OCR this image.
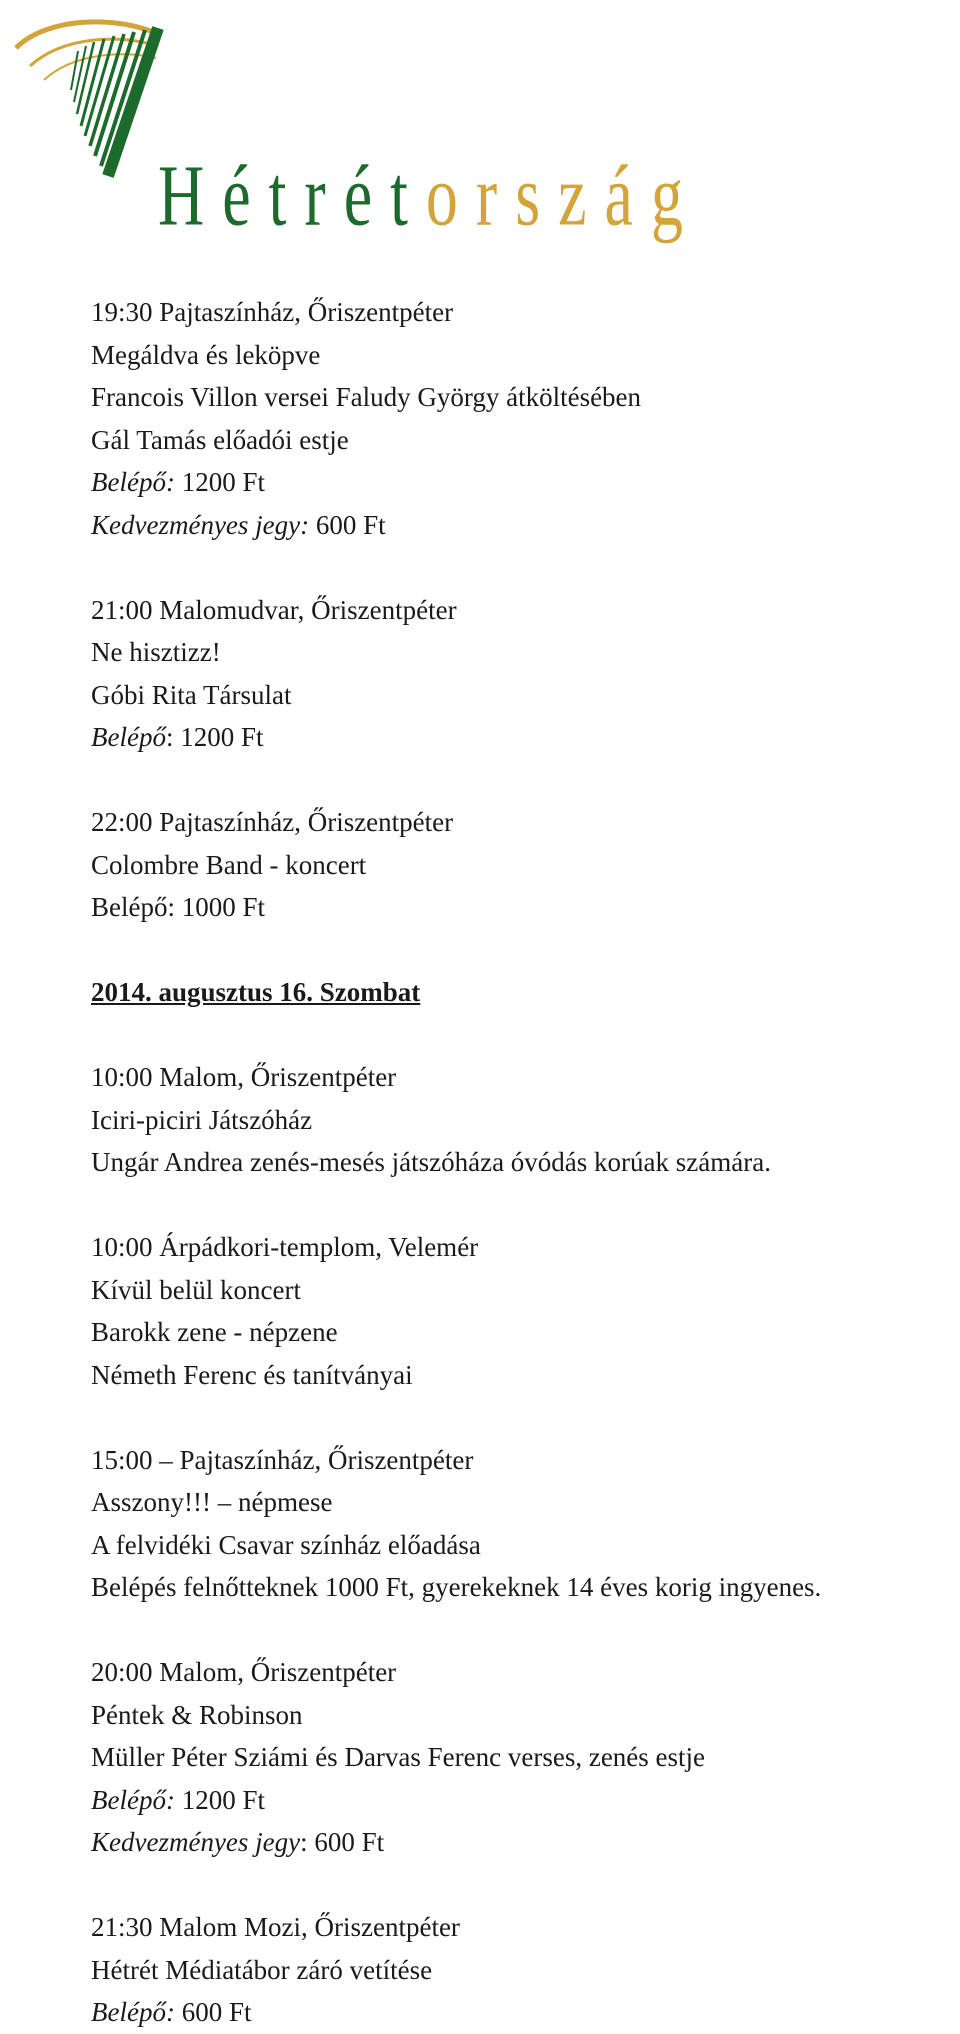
Hétrétország
19:30 Pajtaszínház, Őriszentpéter
Megáldva és leköpve
Francois Villon versei Faludy György átköltésében
Gál Tamás előadói estje
Belépő: 1200 Ft
Kedvezményes jegy: 600 Ft
21:00 Malomudvar, Őriszentpéter
Ne hisztizz!
Góbi Rita Társulat
Belépő: 1200 Ft
22:00 Pajtaszínház, Őriszentpéter
Colombre Band - koncert
Belépő: 1000 Ft
2014. augusztus 16. Szombat
10:00 Malom, Őriszentpéter
Iciri-piciri Játszóház
Ungár Andrea zenés-mesés játszóháza óvódás korúak számára.
10:00 Árpádkori-templom, Velemér
Kívül belül koncert
Barokk zene - népzene
Németh Ferenc és tanítványai
15:00 – Pajtaszínház, Őriszentpéter
Asszony!!! – népmese
A felvidéki Csavar színház előadása
Belépés felnőtteknek 1000 Ft, gyerekeknek 14 éves korig ingyenes.
20:00 Malom, Őriszentpéter
Péntek & Robinson
Müller Péter Sziámi és Darvas Ferenc verses, zenés estje
Belépő: 1200 Ft
Kedvezményes jegy: 600 Ft
21:30 Malom Mozi, Őriszentpéter
Hétrét Médiatábor záró vetítése
Belépő: 600 Ft
